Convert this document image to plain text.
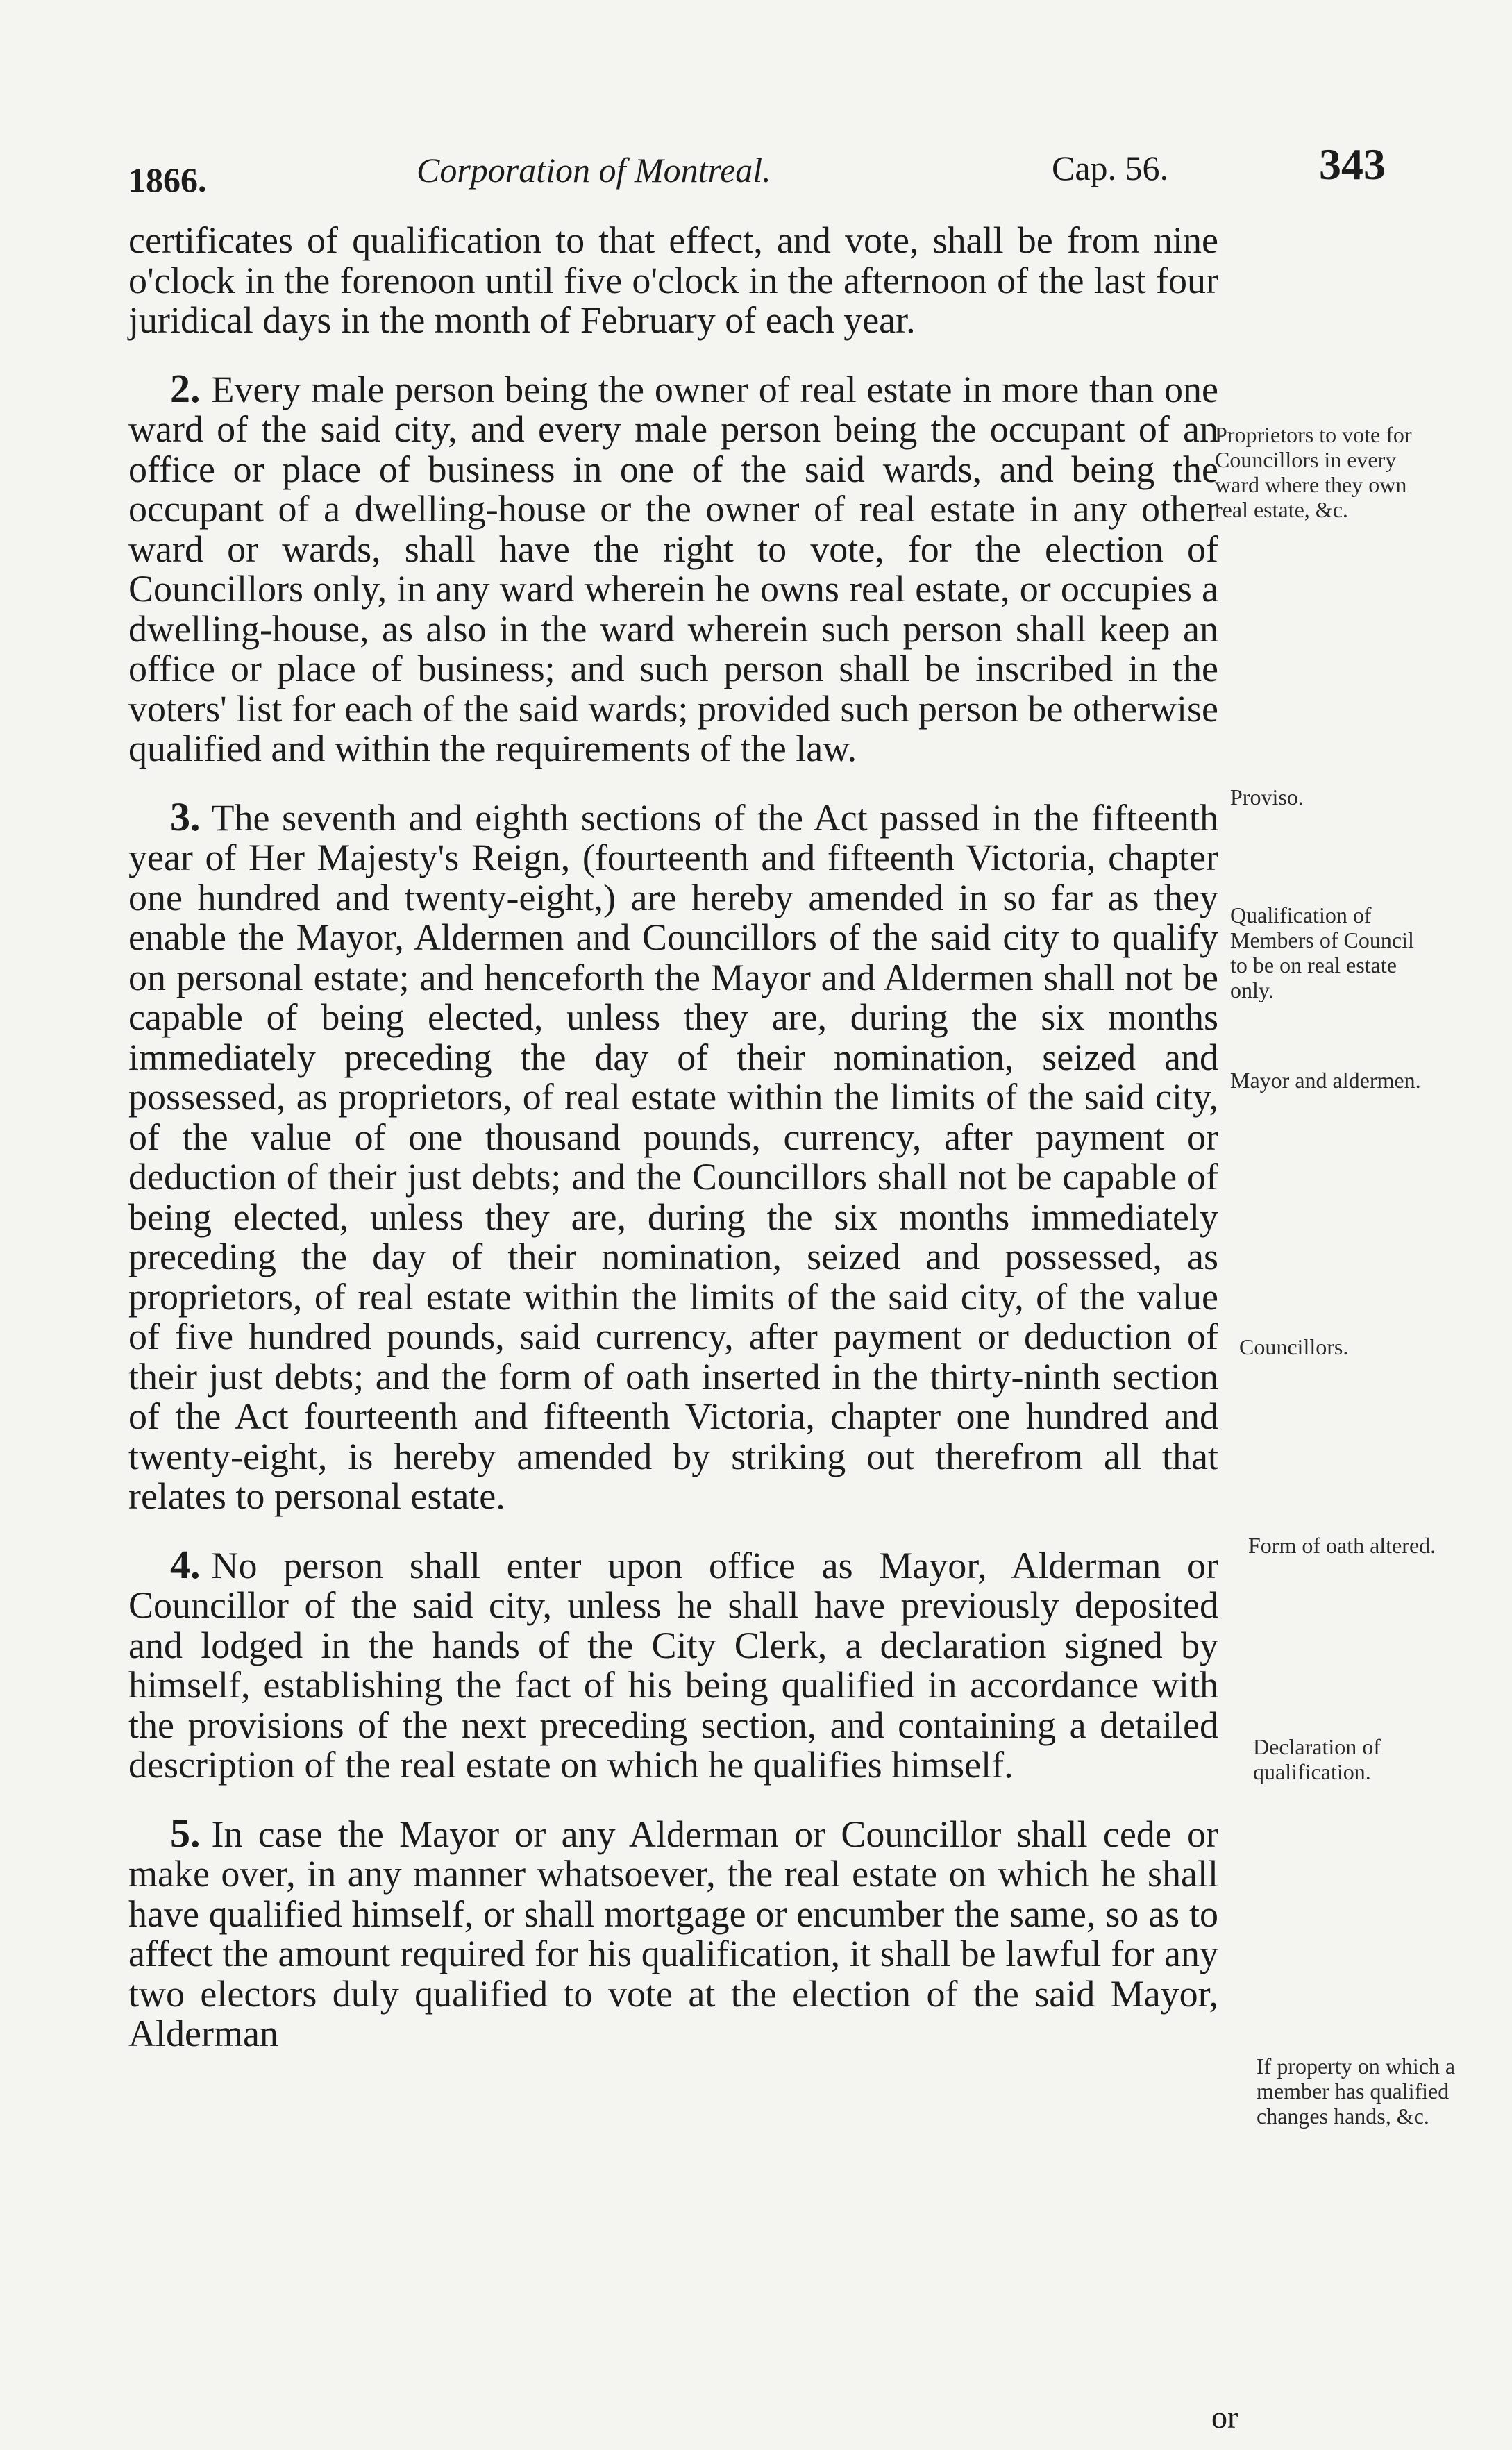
1866.	Corporation of Montreal.	Cap. 56.	343

certificates of qualification to that effect, and vote, shall be from nine o'clock in the forenoon until five o'clock in the afternoon of the last four juridical days in the month of February of each year.

2. Every male person being the owner of real estate in more than one ward of the said city, and every male person being the occupant of an office or place of business in one of the said wards, and being the occupant of a dwelling-house or the owner of real estate in any other ward or wards, shall have the right to vote, for the election of Councillors only, in any ward wherein he owns real estate, or occupies a dwelling-house, as also in the ward wherein such person shall keep an office or place of business; and such person shall be inscribed in the voters' list for each of the said wards; provided such person be otherwise qualified and within the requirements of the law.

3. The seventh and eighth sections of the Act passed in the fifteenth year of Her Majesty's Reign, (fourteenth and fifteenth Victoria, chapter one hundred and twenty-eight,) are hereby amended in so far as they enable the Mayor, Aldermen and Councillors of the said city to qualify on personal estate; and henceforth the Mayor and Aldermen shall not be capable of being elected, unless they are, during the six months immediately preceding the day of their nomination, seized and possessed, as proprietors, of real estate within the limits of the said city, of the value of one thousand pounds, currency, after payment or deduction of their just debts; and the Councillors shall not be capable of being elected, unless they are, during the six months immediately preceding the day of their nomination, seized and possessed, as proprietors, of real estate within the limits of the said city, of the value of five hundred pounds, said currency, after payment or deduction of their just debts; and the form of oath inserted in the thirty-ninth section of the Act fourteenth and fifteenth Victoria, chapter one hundred and twenty-eight, is hereby amended by striking out therefrom all that relates to personal estate.

4. No person shall enter upon office as Mayor, Alderman or Councillor of the said city, unless he shall have previously deposited and lodged in the hands of the City Clerk, a declaration signed by himself, establishing the fact of his being qualified in accordance with the provisions of the next preceding section, and containing a detailed description of the real estate on which he qualifies himself.

5. In case the Mayor or any Alderman or Councillor shall cede or make over, in any manner whatsoever, the real estate on which he shall have qualified himself, or shall mortgage or encumber the same, so as to affect the amount required for his qualification, it shall be lawful for any two electors duly qualified to vote at the election of the said Mayor, Alderman

Proprietors to vote for Councillors in every ward where they own real estate, &c.
Proviso.
Qualification of Members of Council to be on real estate only.
Mayor and aldermen.
Councillors.
Form of oath altered.
Declaration of qualification.
If property on which a member has qualified changes hands, &c.
or
